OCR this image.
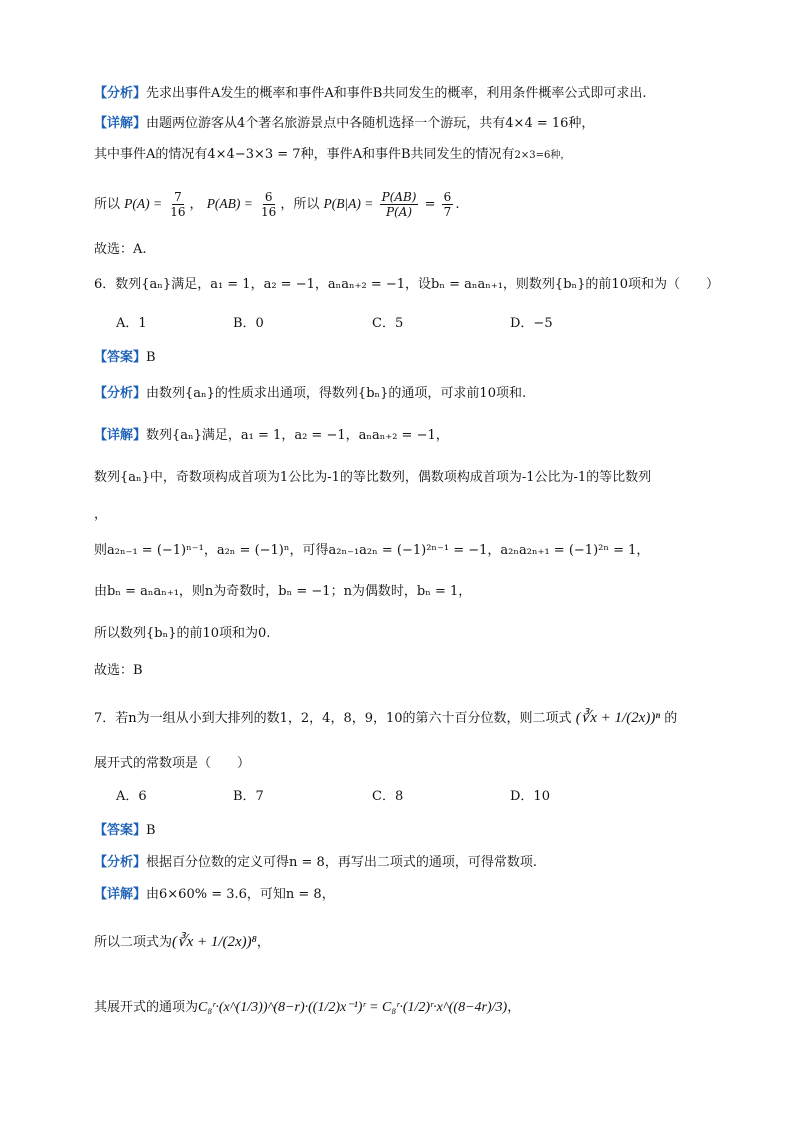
【分析】先求出事件A发生的概率和事件A和事件B共同发生的概率，利用条件概率公式即可求出.
【详解】由题两位游客从4个著名旅游景点中各随机选择一个游玩，共有4×4 = 16种，
其中事件A的情况有4×4−3×3 = 7种，事件A和事件B共同发生的情况有2×3=6种，
所以 $P(A) = \frac{7}{16}$ ， $P(AB) = \frac{6}{16}$ ，所以 $P(B|A) = \frac{P(AB)}{P(A)} = \frac{6}{7}$ .
故选：A.
6．数列{aₙ}满足，a₁ = 1，a₂ = −1，aₙaₙ₊₂ = −1，设bₙ = aₙaₙ₊₁，则数列{bₙ}的前10项和为（　　）
A．1	B．0	C．5	D．−5
【答案】B
【分析】由数列{aₙ}的性质求出通项，得数列{bₙ}的通项，可求前10项和.
【详解】数列{aₙ}满足，a₁ = 1，a₂ = −1，aₙaₙ₊₂ = −1，
数列{aₙ}中，奇数项构成首项为1公比为-1的等比数列，偶数项构成首项为-1公比为-1的等比数列
，
则a₂ₙ₋₁ = (−1)ⁿ⁻¹，a₂ₙ = (−1)ⁿ，可得a₂ₙ₋₁a₂ₙ = (−1)²ⁿ⁻¹ = −1，a₂ₙa₂ₙ₊₁ = (−1)²ⁿ = 1，
由bₙ = aₙaₙ₊₁，则n为奇数时，bₙ = −1；n为偶数时，bₙ = 1，
所以数列{bₙ}的前10项和为0.
故选：B
7．若n为一组从小到大排列的数1，2，4，8，9，10的第六十百分位数，则二项式 (∛x + 1/(2x))ⁿ 的
展开式的常数项是（　　）
A．6	B．7	C．8	D．10
【答案】B
【分析】根据百分位数的定义可得n = 8，再写出二项式的通项，可得常数项.
【详解】由6×60% = 3.6，可知n = 8，
所以二项式为(∛x + 1/(2x))⁸，
其展开式的通项为C₈ʳ·(x^(1/3))^(8−r)·((1/2)x⁻¹)ʳ = C₈ʳ·(1/2)ʳ·x^((8−4r)/3)，
